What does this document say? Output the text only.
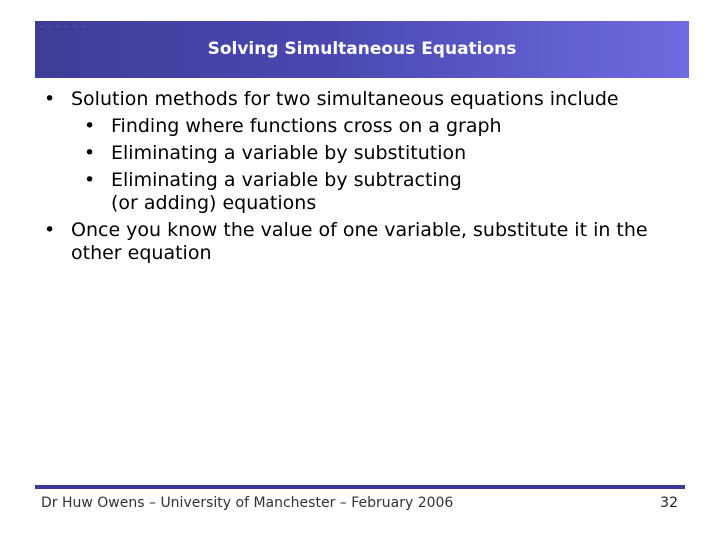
. . . . . .
Solving Simultaneous Equations
• Solution methods for two simultaneous equations include
• Finding where functions cross on a graph
• Eliminating a variable by substitution
• Eliminating a variable by subtracting
(or adding) equations
• Once you know the value of one variable, substitute it in the other equation
Dr Huw Owens – University of Manchester – February 2006	32
